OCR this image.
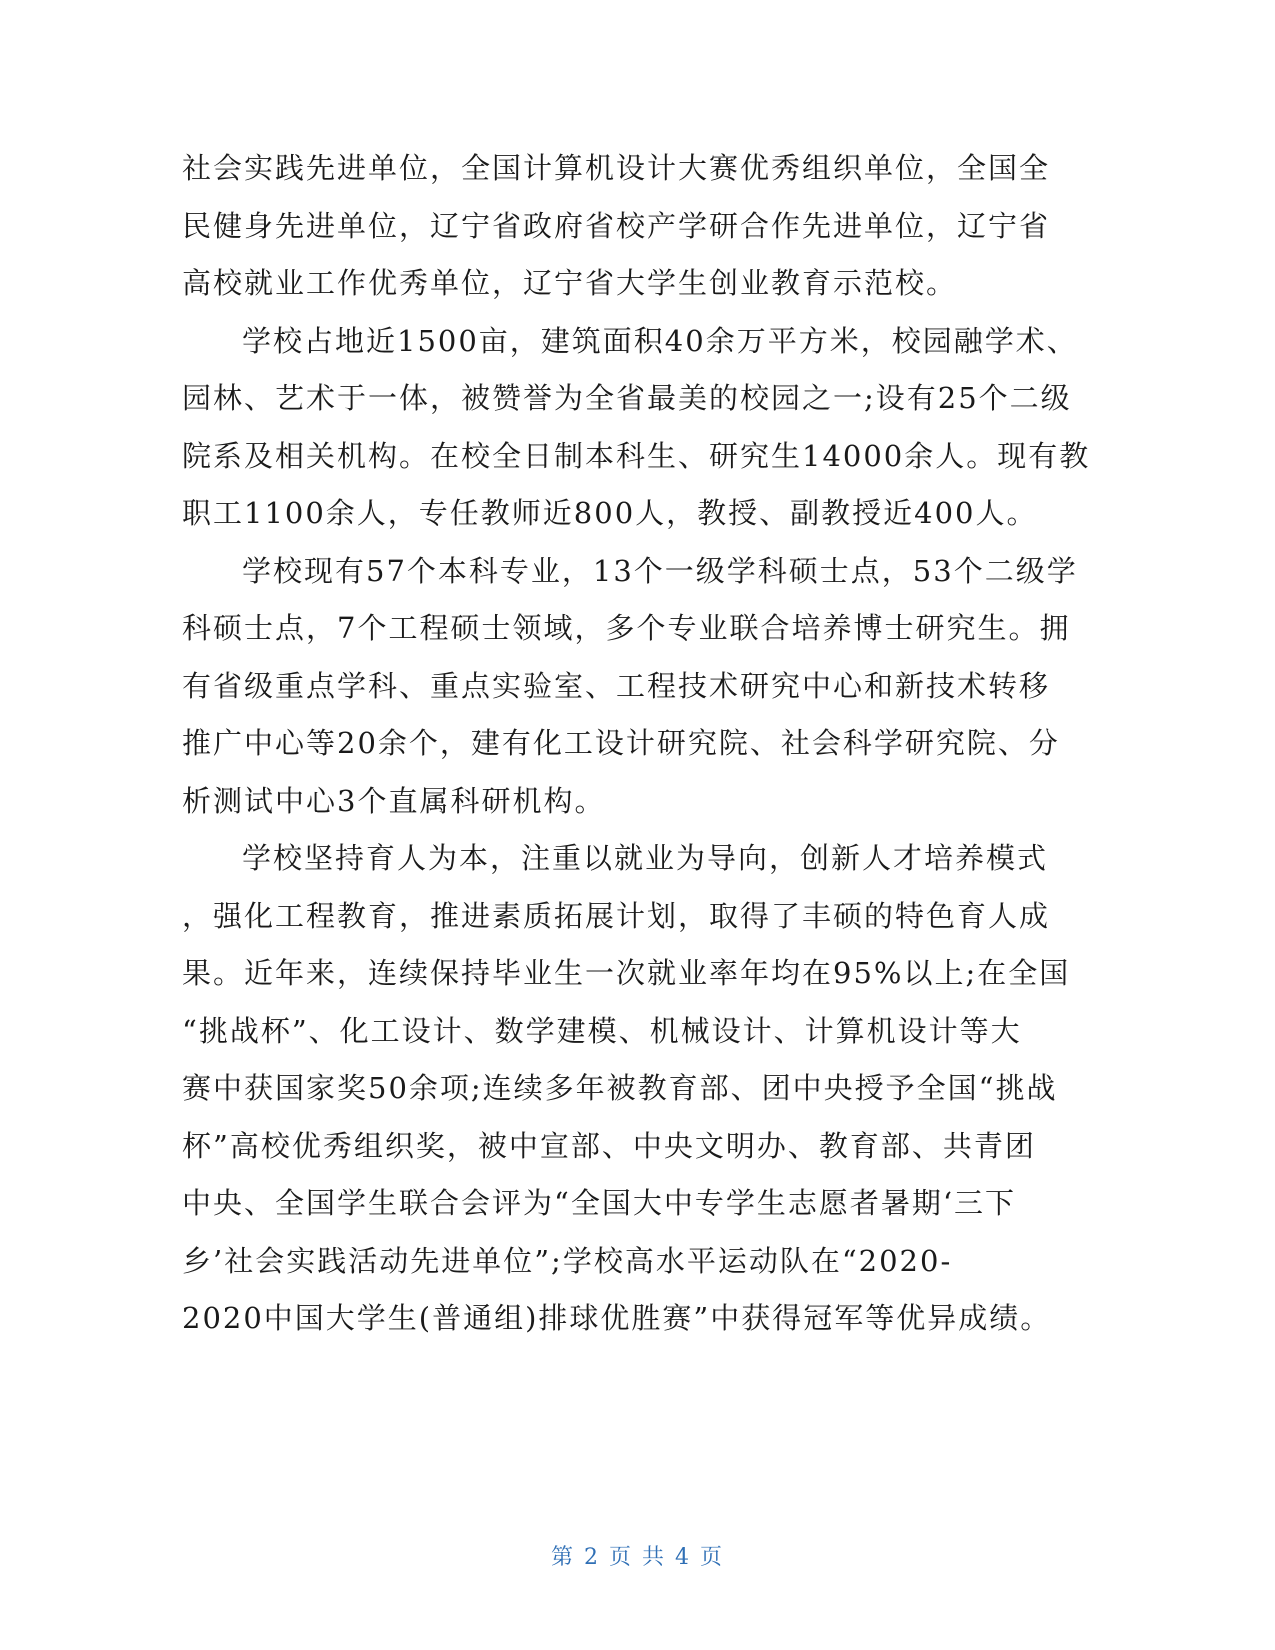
社会实践先进单位，全国计算机设计大赛优秀组织单位，全国全
民健身先进单位，辽宁省政府省校产学研合作先进单位，辽宁省
高校就业工作优秀单位，辽宁省大学生创业教育示范校。
学校占地近1500亩，建筑面积40余万平方米，校园融学术、
园林、艺术于一体，被赞誉为全省最美的校园之一;设有25个二级
院系及相关机构。在校全日制本科生、研究生14000余人。现有教
职工1100余人，专任教师近800人，教授、副教授近400人。
学校现有57个本科专业，13个一级学科硕士点，53个二级学
科硕士点，7个工程硕士领域，多个专业联合培养博士研究生。拥
有省级重点学科、重点实验室、工程技术研究中心和新技术转移
推广中心等20余个，建有化工设计研究院、社会科学研究院、分
析测试中心3个直属科研机构。
学校坚持育人为本，注重以就业为导向，创新人才培养模式
，强化工程教育，推进素质拓展计划，取得了丰硕的特色育人成
果。近年来，连续保持毕业生一次就业率年均在95%以上;在全国
“挑战杯”、化工设计、数学建模、机械设计、计算机设计等大
赛中获国家奖50余项;连续多年被教育部、团中央授予全国“挑战
杯”高校优秀组织奖，被中宣部、中央文明办、教育部、共青团
中央、全国学生联合会评为“全国大中专学生志愿者暑期‘三下
乡’社会实践活动先进单位”;学校高水平运动队在“2020-
2020中国大学生(普通组)排球优胜赛”中获得冠军等优异成绩。
第 2 页 共 4 页
